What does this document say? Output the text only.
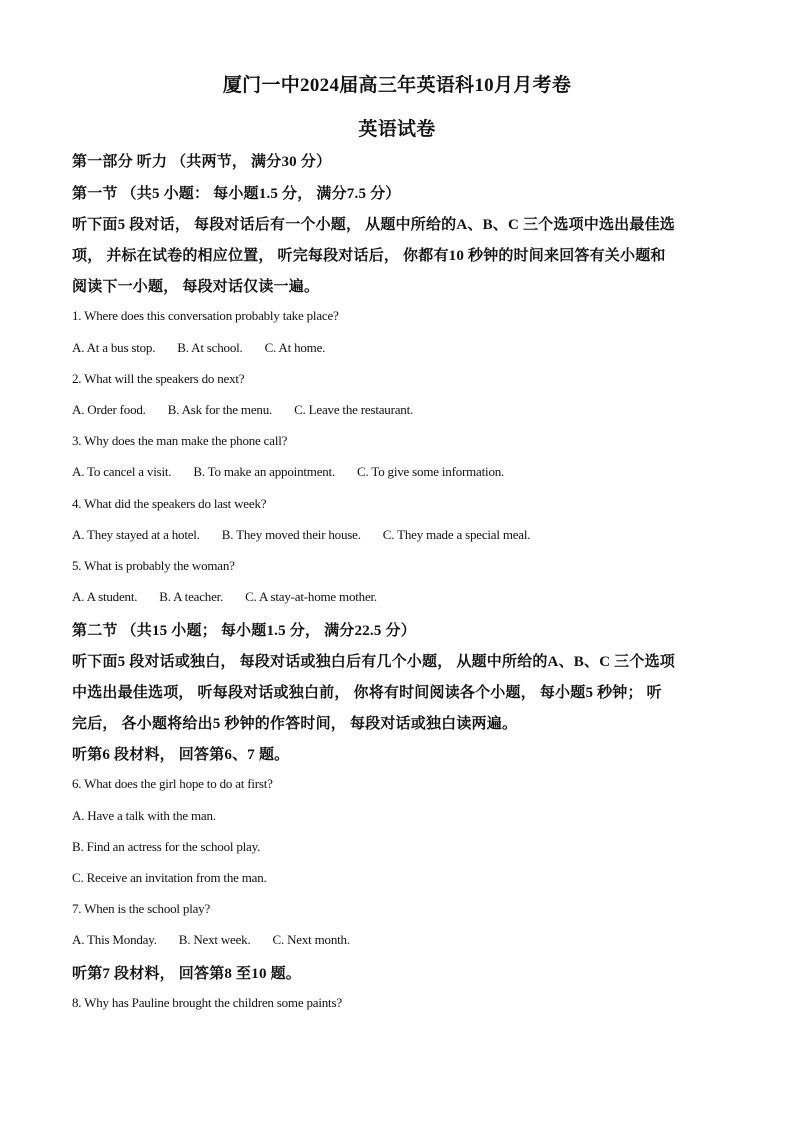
厦门一中2024届高三年英语科10月月考卷
英语试卷
第一部分 听力 （共两节， 满分30 分）
第一节 （共5 小题： 每小题1.5 分， 满分7.5 分）
听下面5 段对话， 每段对话后有一个小题， 从题中所给的A、B、C 三个选项中选出最佳选
项， 并标在试卷的相应位置， 听完每段对话后， 你都有10 秒钟的时间来回答有关小题和
阅读下一小题， 每段对话仅读一遍。
1. Where does this conversation probably take place?
A. At a bus stop. B. At school. C. At home.
2. What will the speakers do next?
A. Order food. B. Ask for the menu. C. Leave the restaurant.
3. Why does the man make the phone call?
A. To cancel a visit. B. To make an appointment. C. To give some information.
4. What did the speakers do last week?
A. They stayed at a hotel. B. They moved their house. C. They made a special meal.
5. What is probably the woman?
A. A student. B. A teacher. C. A stay-at-home mother.
第二节 （共15 小题； 每小题1.5 分， 满分22.5 分）
听下面5 段对话或独白， 每段对话或独白后有几个小题， 从题中所给的A、B、C 三个选项
中选出最佳选项， 听每段对话或独白前， 你将有时间阅读各个小题， 每小题5 秒钟； 听
完后， 各小题将给出5 秒钟的作答时间， 每段对话或独白读两遍。
听第6 段材料， 回答第6、7 题。
6. What does the girl hope to do at first?
A. Have a talk with the man.
B. Find an actress for the school play.
C. Receive an invitation from the man.
7. When is the school play?
A. This Monday. B. Next week. C. Next month.
听第7 段材料， 回答第8 至10 题。
8. Why has Pauline brought the children some paints?
